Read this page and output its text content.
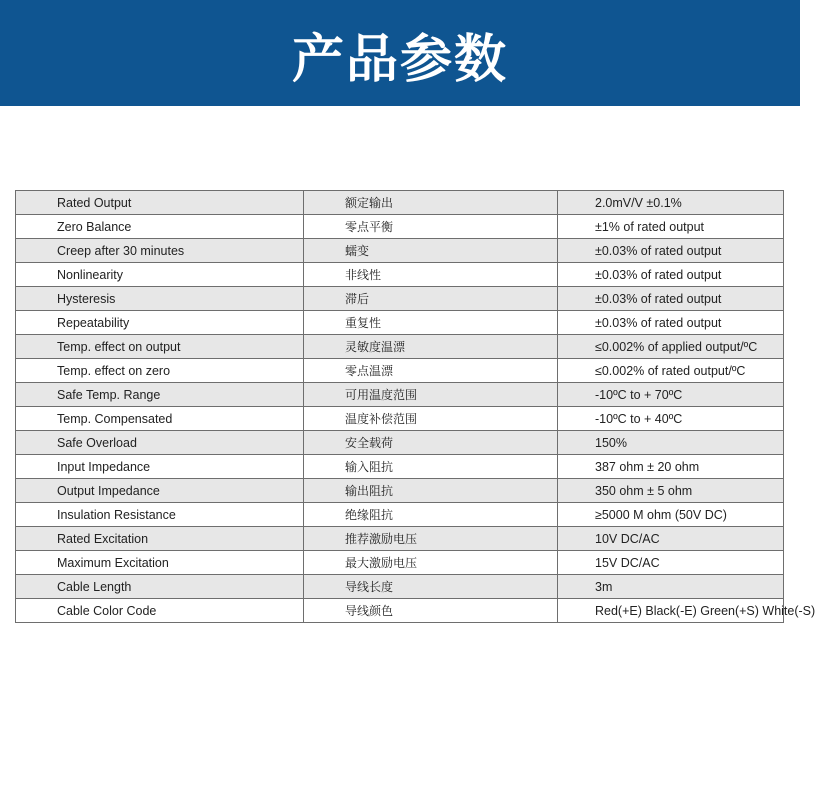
产品参数
Rated Output	额定输出	2.0mV/V ±0.1%
Zero Balance	零点平衡	±1% of rated output
Creep after 30 minutes	蠕变	±0.03% of rated output
Nonlinearity	非线性	±0.03% of rated output
Hysteresis	滞后	±0.03% of rated output
Repeatability	重复性	±0.03% of rated output
Temp. effect on output	灵敏度温漂	≤0.002% of applied output/ºC
Temp. effect on zero	零点温漂	≤0.002% of rated output/ºC
Safe Temp. Range	可用温度范围	-10ºC to + 70ºC
Temp. Compensated	温度补偿范围	-10ºC to + 40ºC
Safe Overload	安全载荷	150%
Input Impedance	输入阻抗	387 ohm ± 20 ohm
Output Impedance	输出阻抗	350 ohm ± 5 ohm
Insulation Resistance	绝缘阻抗	≥5000 M ohm (50V DC)
Rated Excitation	推荐激励电压	10V DC/AC
Maximum Excitation	最大激励电压	15V DC/AC
Cable Length	导线长度	3m
Cable Color Code	导线颜色	Red(+E) Black(-E) Green(+S) White(-S)
